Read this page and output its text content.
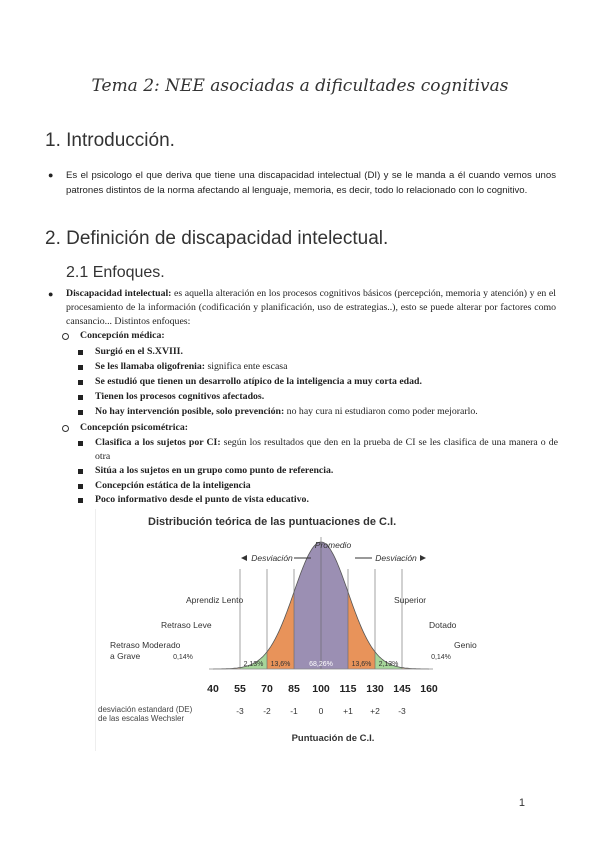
Tema 2: NEE asociadas a dificultades cognitivas
1. Introducción.
● Es el psicologo el que deriva que tiene una discapacidad intelectual (DI) y se le manda a él cuando vemos unos patrones distintos de la norma afectando al lenguaje, memoria, es decir, todo lo relacionado con lo cognitivo.
2. Definición de discapacidad intelectual.
2.1 Enfoques.
● Discapacidad intelectual: es aquella alteración en los procesos cognitivos básicos (percepción, memoria y atención) y en el procesamiento de la información (codificación y planificación, uso de estrategias..), esto se puede alterar por factores como cansancio... Distintos enfoques:
Concepción médica:
Surgió en el S.XVIII.
Se les llamaba oligofrenia: significa ente escasa
Se estudió que tienen un desarrollo atípico de la inteligencia a muy corta edad.
Tienen los procesos cognitivos afectados.
No hay intervención posible, solo prevención: no hay cura ni estudiaron como poder mejorarlo.
Concepción psicométrica:
Clasifica a los sujetos por CI: según los resultados que den en la prueba de CI se les clasifica de una manera o de otra
Sitúa a los sujetos en un grupo como punto de referencia.
Concepción estática de la inteligencia
Poco informativo desde el punto de vista educativo.
Distribución teórica de las puntuaciones de C.I.
Promedio
Desviación	Desviación
Aprendiz Lento
Retraso Leve
Retraso Moderado
a Grave
Superior
Dotado
Genio
0,14%
2,13% 13,6%	68,26%	13,6% 2,13%
0,14%
40 55 70 85 100 115 130 145 160
desviación estandard (DE)
de las escalas Wechsler
-3 -2 -1 0 +1 +2 -3
Puntuación de C.I.
1
